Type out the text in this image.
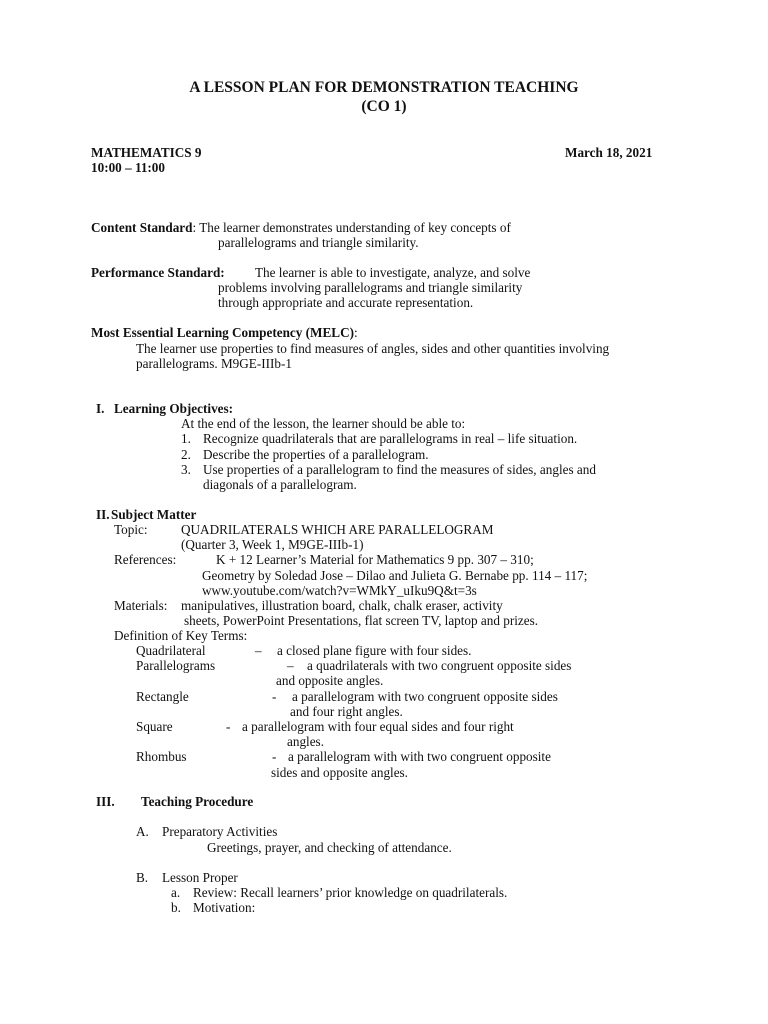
A LESSON PLAN FOR DEMONSTRATION TEACHING
(CO 1)
MATHEMATICS 9	March 18, 2021
10:00 – 11:00
Content Standard: The learner demonstrates understanding of key concepts of
parallelograms and triangle similarity.
Performance Standard: The learner is able to investigate, analyze, and solve
problems involving parallelograms and triangle similarity
through appropriate and accurate representation.
Most Essential Learning Competency (MELC):
The learner use properties to find measures of angles, sides and other quantities involving
parallelograms. M9GE-IIIb-1
I. Learning Objectives:
At the end of the lesson, the learner should be able to:
1. Recognize quadrilaterals that are parallelograms in real – life situation.
2. Describe the properties of a parallelogram.
3. Use properties of a parallelogram to find the measures of sides, angles and
diagonals of a parallelogram.
II. Subject Matter
Topic:	QUADRILATERALS WHICH ARE PARALLELOGRAM
(Quarter 3, Week 1, M9GE-IIIb-1)
References:	K + 12 Learner’s Material for Mathematics 9 pp. 307 – 310;
Geometry by Soledad Jose – Dilao and Julieta G. Bernabe pp. 114 – 117;
www.youtube.com/watch?v=WMkY_uIku9Q&t=3s
Materials: manipulatives, illustration board, chalk, chalk eraser, activity
sheets, PowerPoint Presentations, flat screen TV, laptop and prizes.
Definition of Key Terms:
Quadrilateral	– a closed plane figure with four sides.
Parallelograms	– a quadrilaterals with two congruent opposite sides
and opposite angles.
Rectangle	- a parallelogram with two congruent opposite sides
and four right angles.
Square	- a parallelogram with four equal sides and four right
angles.
Rhombus	- a parallelogram with with two congruent opposite
sides and opposite angles.
III. Teaching Procedure
A. Preparatory Activities
Greetings, prayer, and checking of attendance.
B. Lesson Proper
a. Review: Recall learners’ prior knowledge on quadrilaterals.
b. Motivation:
